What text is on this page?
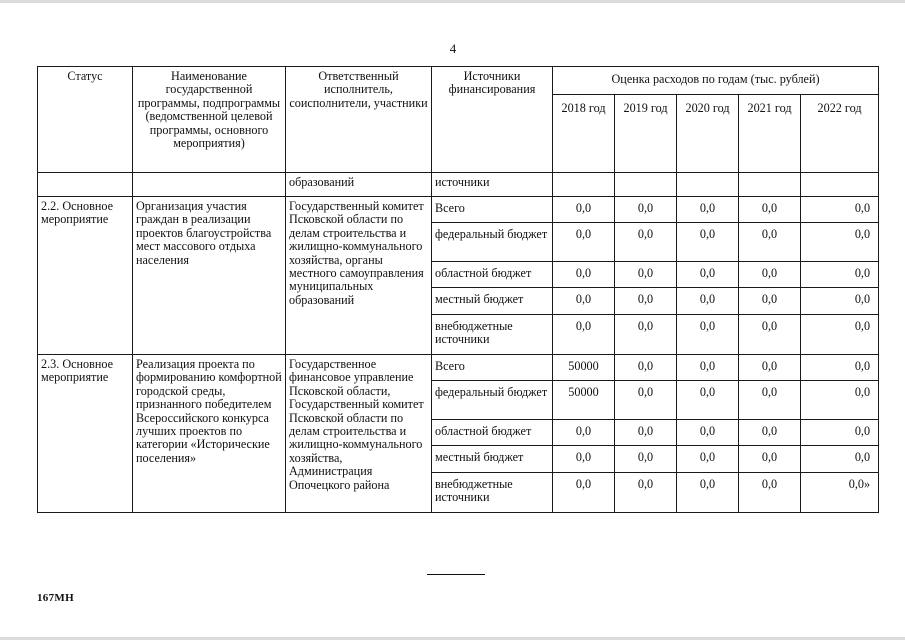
4
Статус	Наименование государственной программы, подпрограммы (ведомственной целевой программы, основного мероприятия)	Ответственный исполнитель, соисполнители, участники	Источники финансирования	Оценка расходов по годам (тыс. рублей)				
				2018 год	2019 год	2020 год	2021 год	2022 год
		образований	источники					
2.2. Основное мероприятие	Организация участия граждан в реализации проектов благоустройства мест массового отдыха населения	Государственный комитет Псковской области по делам строительства и жилищно-коммунального хозяйства, органы местного самоуправления муниципальных образований	Всего	0,0	0,0	0,0	0,0	0,0
			федеральный бюджет	0,0	0,0	0,0	0,0	0,0
			областной бюджет	0,0	0,0	0,0	0,0	0,0
			местный бюджет	0,0	0,0	0,0	0,0	0,0
			внебюджетные источники	0,0	0,0	0,0	0,0	0,0
2.3. Основное мероприятие	Реализация проекта по формированию комфортной городской среды, признанного победителем Всероссийского конкурса лучших проектов по категории «Исторические поселения»	Государственное финансовое управление Псковской области, Государственный комитет Псковской области по делам строительства и жилищно-коммунального хозяйства, Администрация Опочецкого района	Всего	50000	0,0	0,0	0,0	0,0
			федеральный бюджет	50000	0,0	0,0	0,0	0,0
			областной бюджет	0,0	0,0	0,0	0,0	0,0
			местный бюджет	0,0	0,0	0,0	0,0	0,0
			внебюджетные источники	0,0	0,0	0,0	0,0	0,0»
167МН
